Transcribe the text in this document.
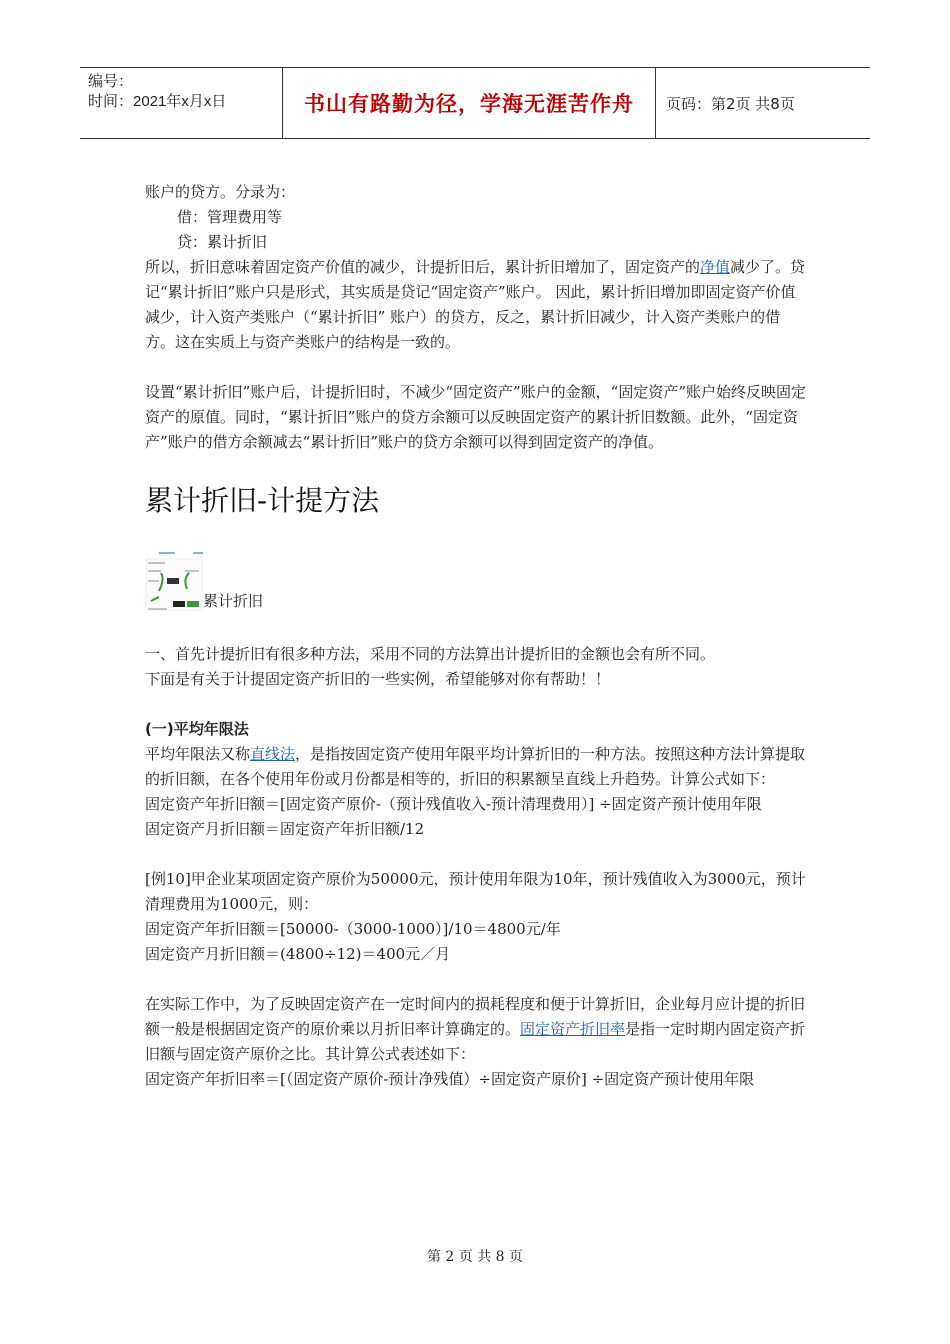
编号：
时间：2021年x月x日	书山有路勤为径，学海无涯苦作舟	页码：第2页 共8页

账户的贷方。分录为：

借：管理费用等

贷：累计折旧

所以，折旧意味着固定资产价值的减少，计提折旧后，累计折旧增加了，固定资产的净值减少了。贷记“累计折旧”账户只是形式，其实质是贷记“固定资产”账户。 因此，累计折旧增加即固定资产价值减少，计入资产类账户（“累计折旧” 账户）的贷方，反之，累计折旧减少，计入资产类账户的借方。这在实质上与资产类账户的结构是一致的。

设置“累计折旧”账户后，计提折旧时，不减少“固定资产”账户的金额，“固定资产”账户始终反映固定资产的原值。同时，“累计折旧”账户的贷方余额可以反映固定资产的累计折旧数额。此外，“固定资产”账户的借方余额减去“累计折旧”账户的贷方余额可以得到固定资产的净值。

累计折旧-计提方法
累计折旧

一、首先计提折旧有很多种方法，采用不同的方法算出计提折旧的金额也会有所不同。

下面是有关于计提固定资产折旧的一些实例，希望能够对你有帮助！！

(一)平均年限法

平均年限法又称直线法，是指按固定资产使用年限平均计算折旧的一种方法。按照这种方法计算提取的折旧额，在各个使用年份或月份都是相等的，折旧的积累额呈直线上升趋势。计算公式如下：

固定资产年折旧额＝[固定资产原价-（预计残值收入-预计清理费用）] ÷固定资产预计使用年限

固定资产月折旧额＝固定资产年折旧额/12

[例10]甲企业某项固定资产原价为50000元，预计使用年限为10年，预计残值收入为3000元，预计清理费用为1000元，则：

固定资产年折旧额＝[50000-（3000-1000）]/10＝4800元/年

固定资产月折旧额＝(4800÷12)＝400元／月

在实际工作中，为了反映固定资产在一定时间内的损耗程度和便于计算折旧，企业每月应计提的折旧额一般是根据固定资产的原价乘以月折旧率计算确定的。固定资产折旧率是指一定时期内固定资产折旧额与固定资产原价之比。其计算公式表述如下：

固定资产年折旧率＝[（固定资产原价-预计净残值）÷固定资产原价] ÷固定资产预计使用年限

第 2 页 共 8 页
